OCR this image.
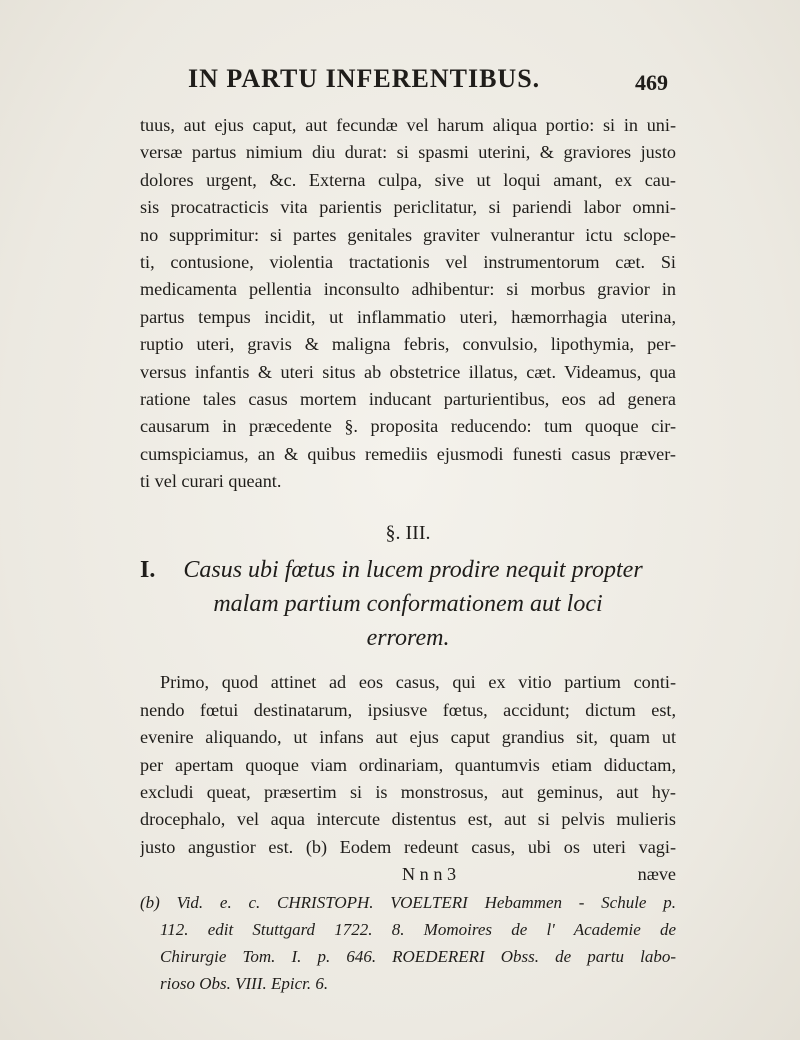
IN PARTU INFERENTIBUS.	469
tuus, aut ejus caput, aut fecundæ vel harum aliqua portio: si in uni-
versæ partus nimium diu durat: si spasmi uterini, & graviores justo
dolores urgent, &c. Externa culpa, sive ut loqui amant, ex cau-
sis procatracticis vita parientis periclitatur, si pariendi labor omni-
no supprimitur: si partes genitales graviter vulnerantur ictu sclope-
ti, contusione, violentia tractationis vel instrumentorum cæt. Si
medicamenta pellentia inconsulto adhibentur: si morbus gravior in
partus tempus incidit, ut inflammatio uteri, hæmorrhagia uterina,
ruptio uteri, gravis & maligna febris, convulsio, lipothymia, per-
versus infantis & uteri situs ab obstetrice illatus, cæt. Videamus, qua
ratione tales casus mortem inducant parturientibus, eos ad genera
causarum in præcedente §. proposita reducendo: tum quoque cir-
cumspiciamus, an & quibus remediis ejusmodi funesti casus præver-
ti vel curari queant.
§. III.
I. Casus ubi fœtus in lucem prodire nequit propter
malam partium conformationem aut loci
errorem.
Primo, quod attinet ad eos casus, qui ex vitio partium conti-
nendo fœtui destinatarum, ipsiusve fœtus, accidunt; dictum est,
evenire aliquando, ut infans aut ejus caput grandius sit, quam ut
per apertam quoque viam ordinariam, quantumvis etiam diductam,
excludi queat, præsertim si is monstrosus, aut geminus, aut hy-
drocephalo, vel aqua intercute distentus est, aut si pelvis mulieris
justo angustior est. (b) Eodem redeunt casus, ubi os uteri vagi-
N n n 3	næve
(b) Vid. e. c. CHRISTOPH. VOELTERI Hebammen - Schule p.
112. edit Stuttgard 1722. 8. Momoires de l' Academie de
Chirurgie Tom. I. p. 646. ROEDERERI Obss. de partu labo-
rioso Obs. VIII. Epicr. 6.
